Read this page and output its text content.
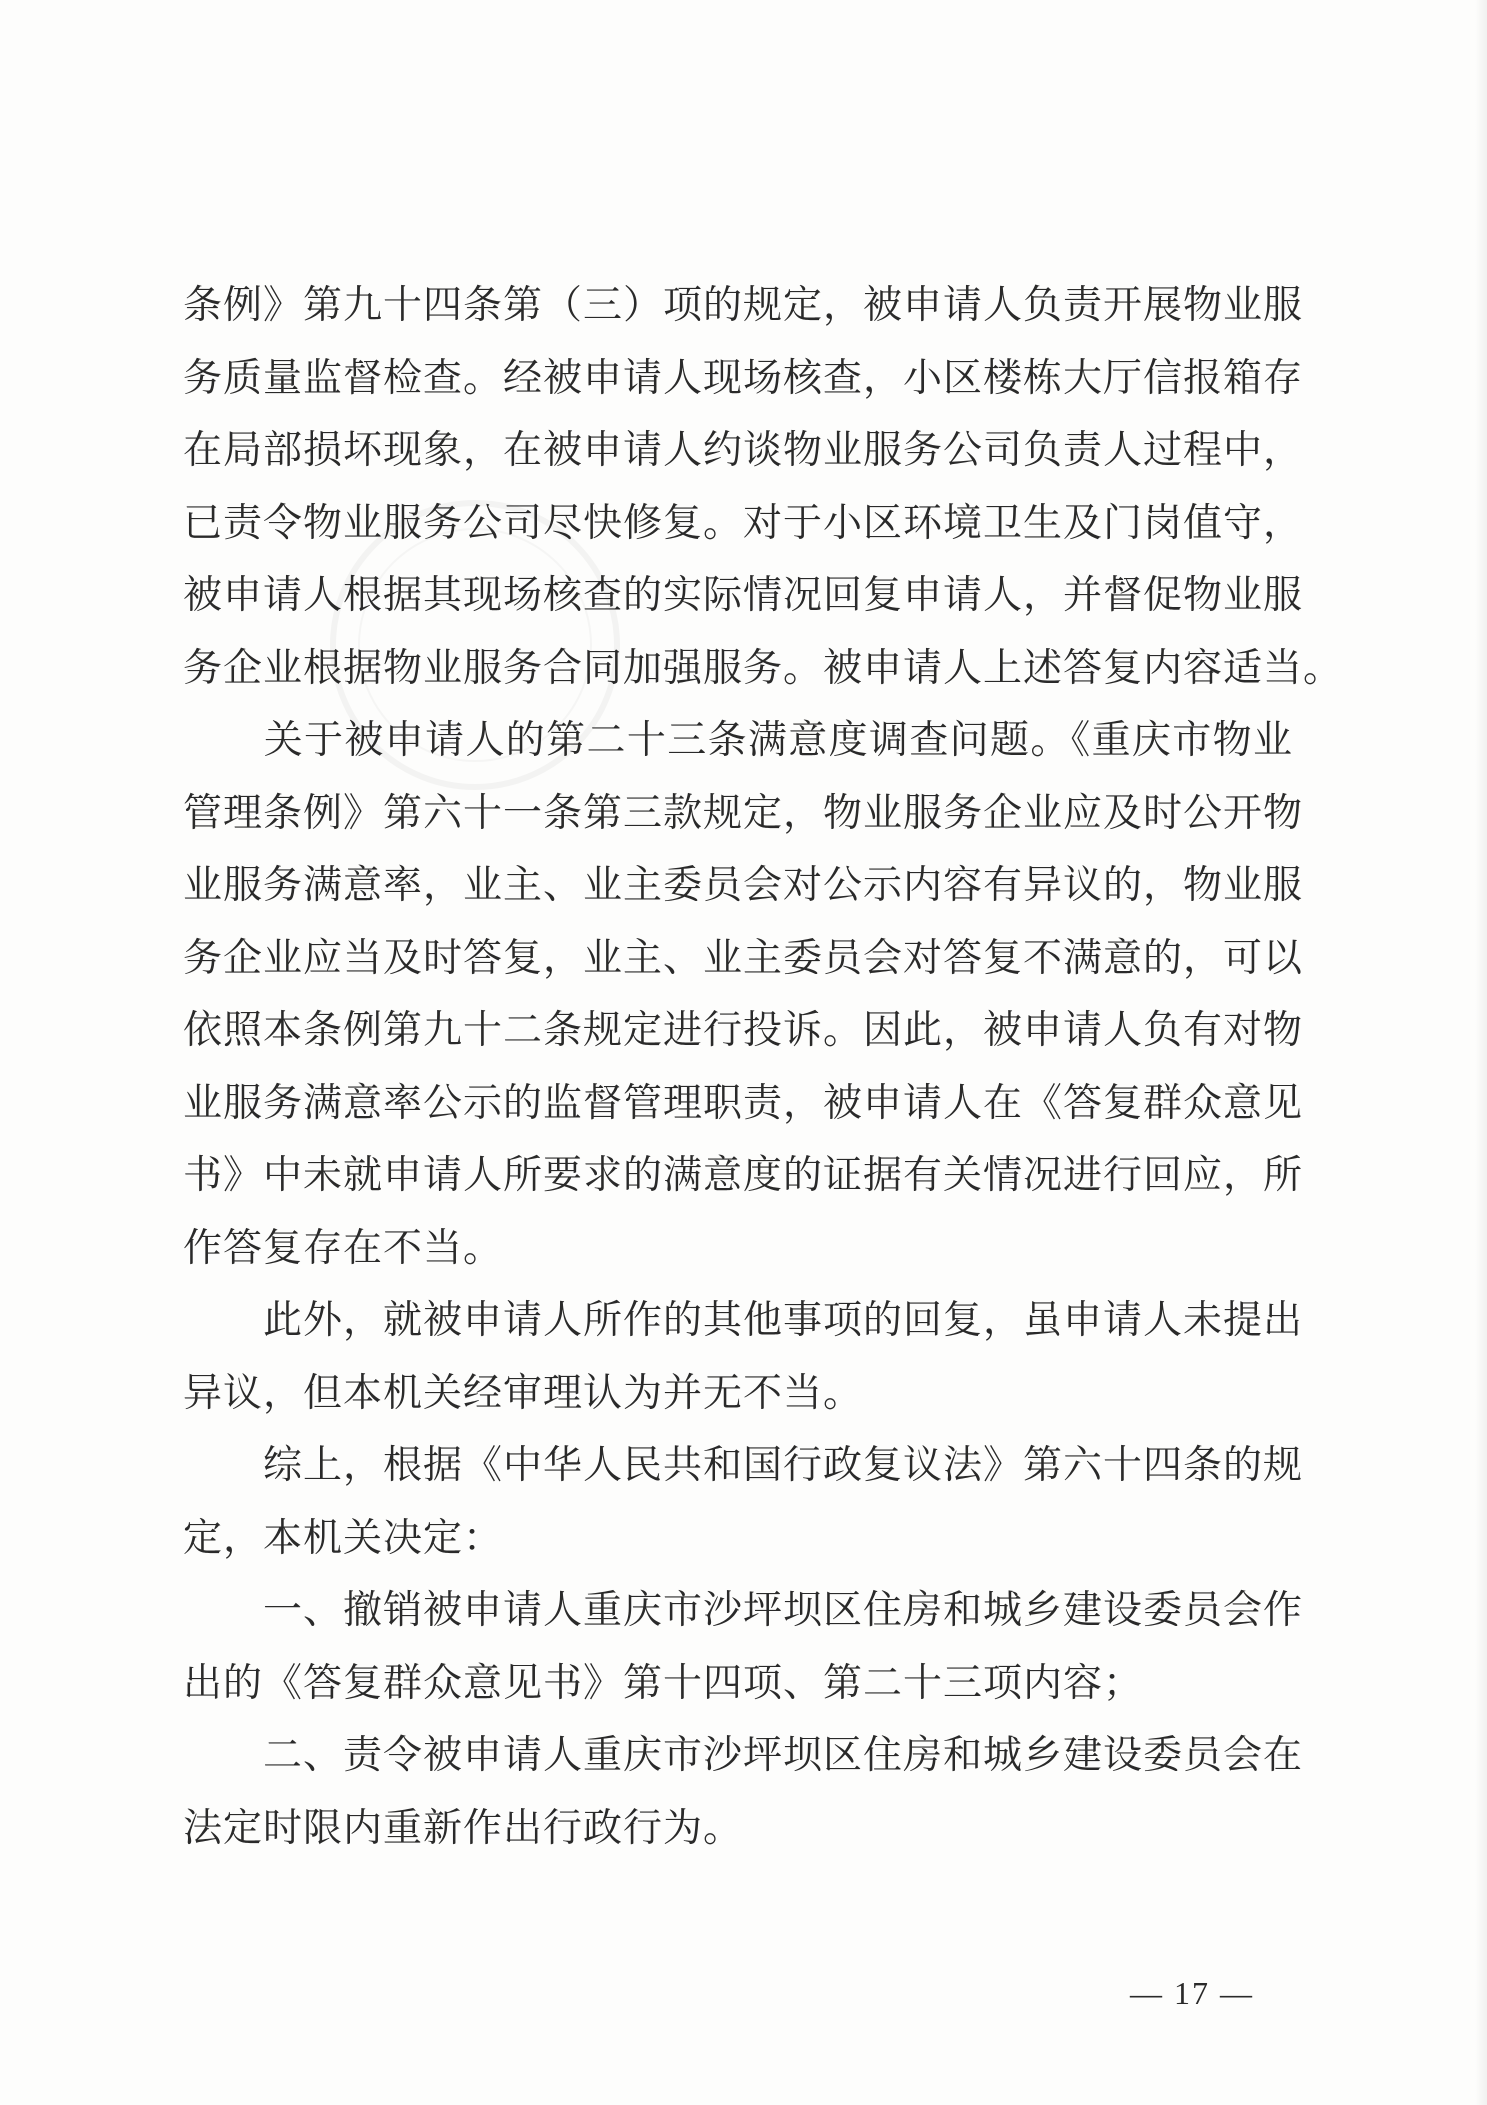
条例》第九十四条第（三）项的规定，被申请人负责开展物业服
务质量监督检查。经被申请人现场核查，小区楼栋大厅信报箱存
在局部损坏现象，在被申请人约谈物业服务公司负责人过程中，
已责令物业服务公司尽快修复。对于小区环境卫生及门岗值守，
被申请人根据其现场核查的实际情况回复申请人，并督促物业服
务企业根据物业服务合同加强服务。被申请人上述答复内容适当。
　　关于被申请人的第二十三条满意度调查问题。《重庆市物业
管理条例》第六十一条第三款规定，物业服务企业应及时公开物
业服务满意率，业主、业主委员会对公示内容有异议的，物业服
务企业应当及时答复，业主、业主委员会对答复不满意的，可以
依照本条例第九十二条规定进行投诉。因此，被申请人负有对物
业服务满意率公示的监督管理职责，被申请人在《答复群众意见
书》中未就申请人所要求的满意度的证据有关情况进行回应，所
作答复存在不当。
　　此外，就被申请人所作的其他事项的回复，虽申请人未提出
异议，但本机关经审理认为并无不当。
　　综上，根据《中华人民共和国行政复议法》第六十四条的规
定，本机关决定：
　　一、撤销被申请人重庆市沙坪坝区住房和城乡建设委员会作
出的《答复群众意见书》第十四项、第二十三项内容；
　　二、责令被申请人重庆市沙坪坝区住房和城乡建设委员会在
法定时限内重新作出行政行为。
— 17 —
